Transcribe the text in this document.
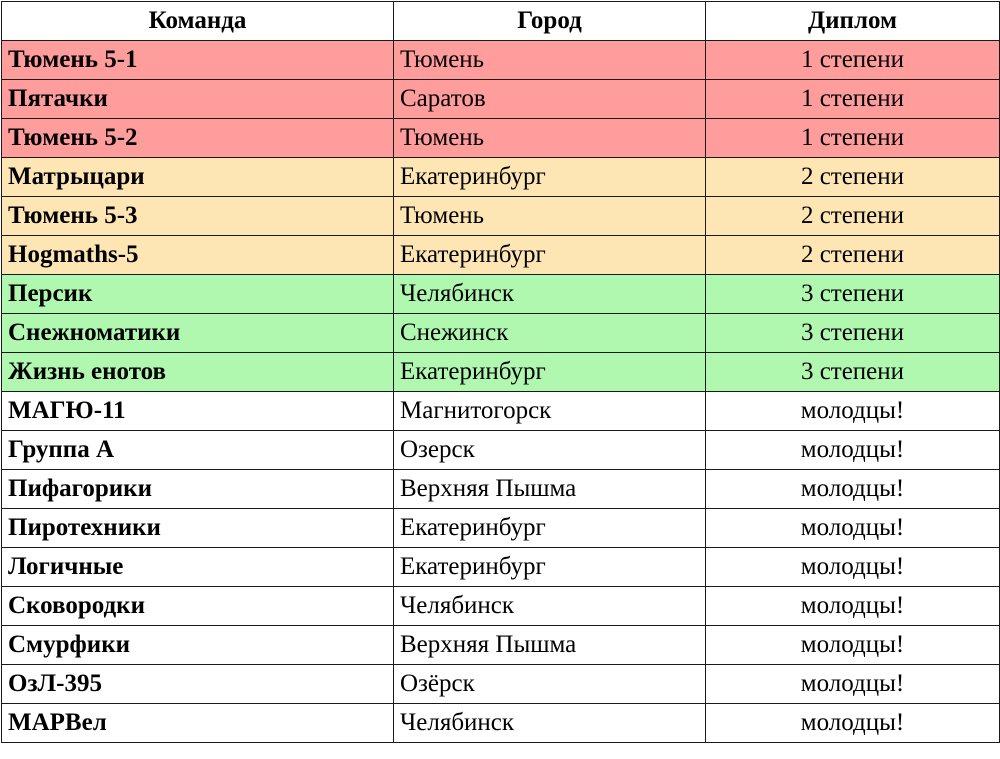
Команда	Город	Диплом
Тюмень 5-1	Тюмень	1 степени
Пятачки	Саратов	1 степени
Тюмень 5-2	Тюмень	1 степени
Матрыцари	Екатеринбург	2 степени
Тюмень 5-3	Тюмень	2 степени
Hogmaths-5	Екатеринбург	2 степени
Персик	Челябинск	3 степени
Снежноматики	Снежинск	3 степени
Жизнь енотов	Екатеринбург	3 степени
МАГЮ-11	Магнитогорск	молодцы!
Группа А	Озерск	молодцы!
Пифагорики	Верхняя Пышма	молодцы!
Пиротехники	Екатеринбург	молодцы!
Логичные	Екатеринбург	молодцы!
Сковородки	Челябинск	молодцы!
Смурфики	Верхняя Пышма	молодцы!
ОзЛ-395	Озёрск	молодцы!
МАРВел	Челябинск	молодцы!
